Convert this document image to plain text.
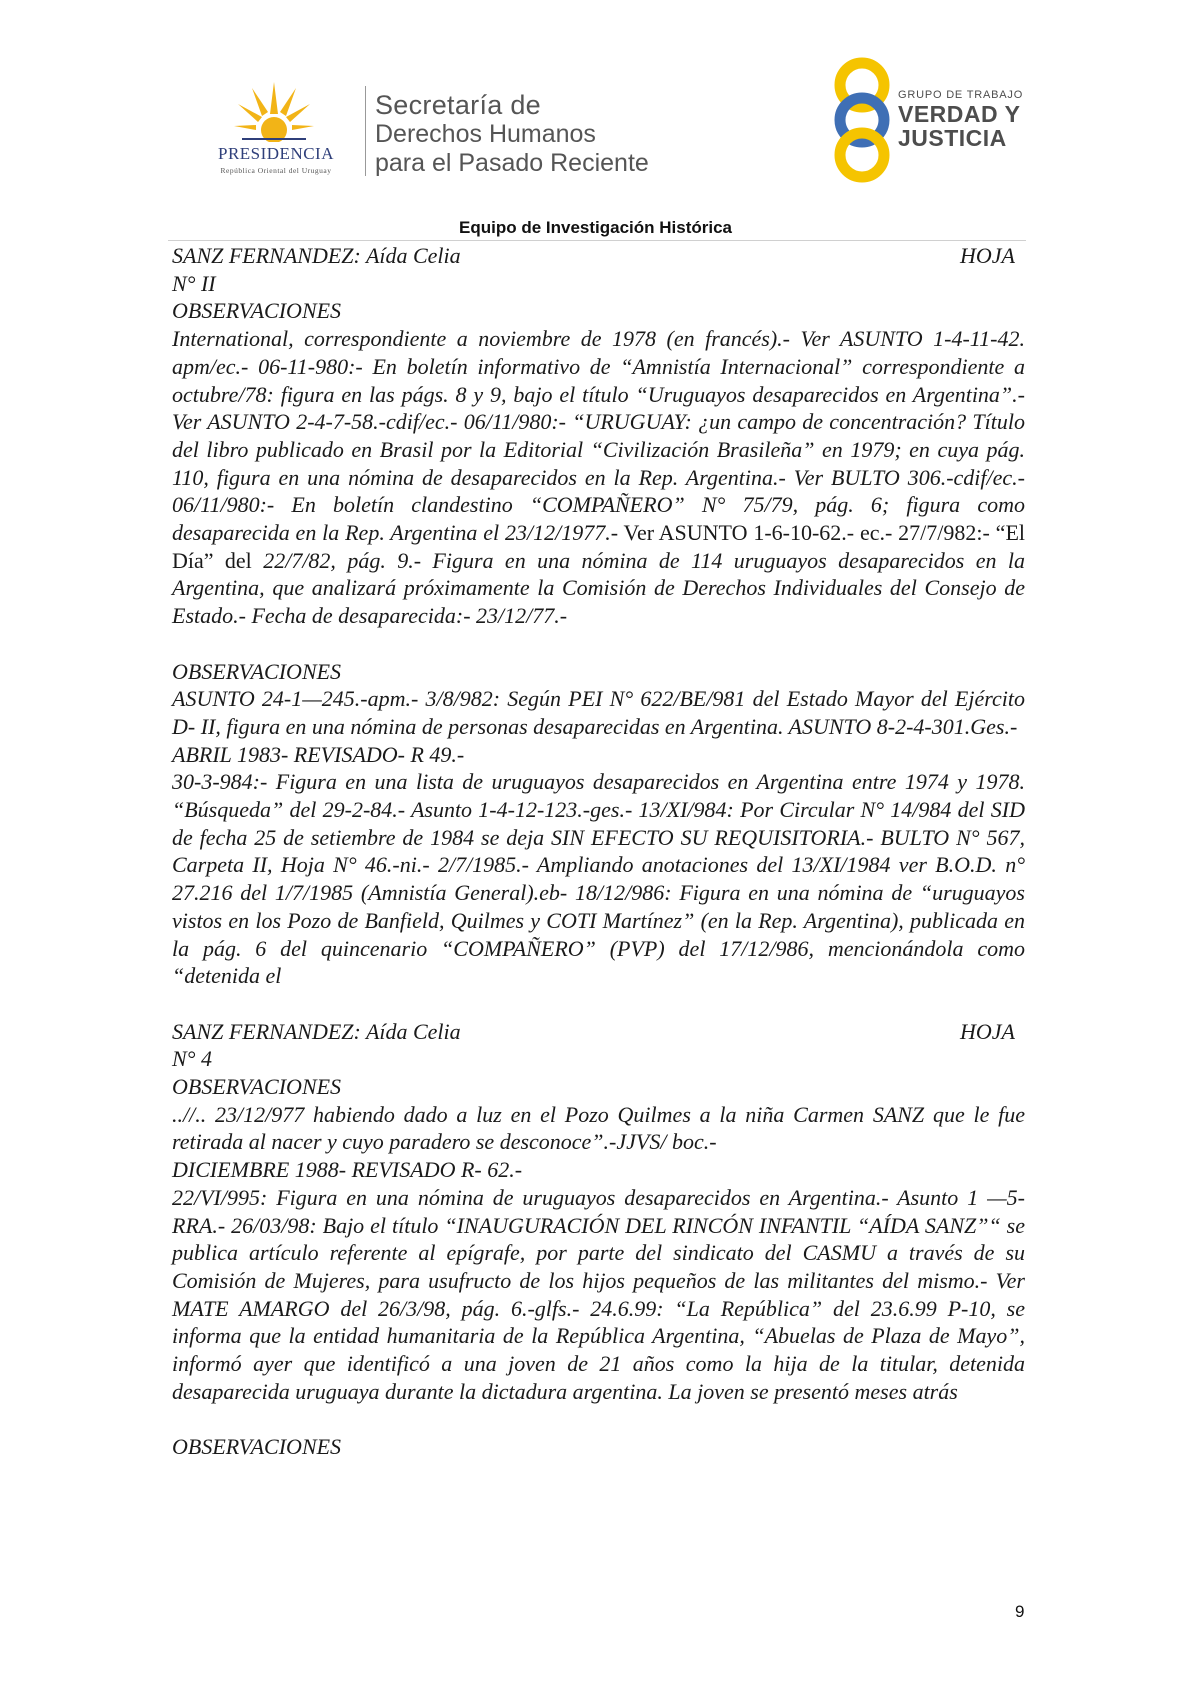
PRESIDENCIA
República Oriental del Uruguay
Secretaría de
Derechos Humanos
para el Pasado Reciente
GRUPO DE TRABAJO
VERDAD Y
JUSTICIA
Equipo de Investigación Histórica

SANZ FERNANDEZ: Aída Celia	HOJA

N° II

OBSERVACIONES

International, correspondiente a noviembre de 1978 (en francés).- Ver ASUNTO 1-4-11-42. apm/ec.- 06-11-980:- En boletín informativo de “Amnistía Internacional” correspondiente a octubre/78: figura en las págs. 8 y 9, bajo el título “Uruguayos desaparecidos en Argentina”.- Ver ASUNTO 2-4-7-58.-cdif/ec.- 06/11/980:- “URUGUAY: ¿un campo de concentración? Título del libro publicado en Brasil por la Editorial “Civilización Brasileña” en 1979; en cuya pág. 110, figura en una nómina de desaparecidos en la Rep. Argentina.- Ver BULTO 306.-cdif/ec.- 06/11/980:- En boletín clandestino “COMPAÑERO” N° 75/79, pág. 6; figura como desaparecida en la Rep. Argentina el 23/12/1977.- Ver ASUNTO 1-6-10-62.- ec.- 27/7/982:- “El Día” del 22/7/82, pág. 9.- Figura en una nómina de 114 uruguayos desaparecidos en la Argentina, que analizará próximamente la Comisión de Derechos Individuales del Consejo de Estado.- Fecha de desaparecida:- 23/12/77.-

OBSERVACIONES

ASUNTO 24-1—245.-apm.- 3/8/982: Según PEI N° 622/BE/981 del Estado Mayor del Ejército D- II, figura en una nómina de personas desaparecidas en Argentina. ASUNTO 8-2-4-301.Ges.-

ABRIL 1983- REVISADO- R 49.-

30-3-984:- Figura en una lista de uruguayos desaparecidos en Argentina entre 1974 y 1978. “Búsqueda” del 29-2-84.- Asunto 1-4-12-123.-ges.- 13/XI/984: Por Circular N° 14/984 del SID de fecha 25 de setiembre de 1984 se deja SIN EFECTO SU REQUISITORIA.- BULTO N° 567, Carpeta II, Hoja N° 46.-ni.- 2/7/1985.- Ampliando anotaciones del 13/XI/1984 ver B.O.D. n° 27.216 del 1/7/1985 (Amnistía General).eb- 18/12/986: Figura en una nómina de “uruguayos vistos en los Pozo de Banfield, Quilmes y COTI Martínez” (en la Rep. Argentina), publicada en la pág. 6 del quincenario “COMPAÑERO” (PVP) del 17/12/986, mencionándola como “detenida el

SANZ FERNANDEZ: Aída Celia	HOJA

N° 4

OBSERVACIONES

..//.. 23/12/977 habiendo dado a luz en el Pozo Quilmes a la niña Carmen SANZ que le fue retirada al nacer y cuyo paradero se desconoce”.-JJVS/ boc.-

DICIEMBRE 1988- REVISADO R- 62.-

22/VI/995: Figura en una nómina de uruguayos desaparecidos en Argentina.- Asunto 1 —5-RRA.- 26/03/98: Bajo el título “INAUGURACIÓN DEL RINCÓN INFANTIL “AÍDA SANZ”“ se publica artículo referente al epígrafe, por parte del sindicato del CASMU a través de su Comisión de Mujeres, para usufructo de los hijos pequeños de las militantes del mismo.- Ver MATE AMARGO del 26/3/98, pág. 6.-glfs.- 24.6.99: “La República” del 23.6.99 P-10, se informa que la entidad humanitaria de la República Argentina, “Abuelas de Plaza de Mayo”, informó ayer que identificó a una joven de 21 años como la hija de la titular, detenida desaparecida uruguaya durante la dictadura argentina. La joven se presentó meses atrás

OBSERVACIONES

9
